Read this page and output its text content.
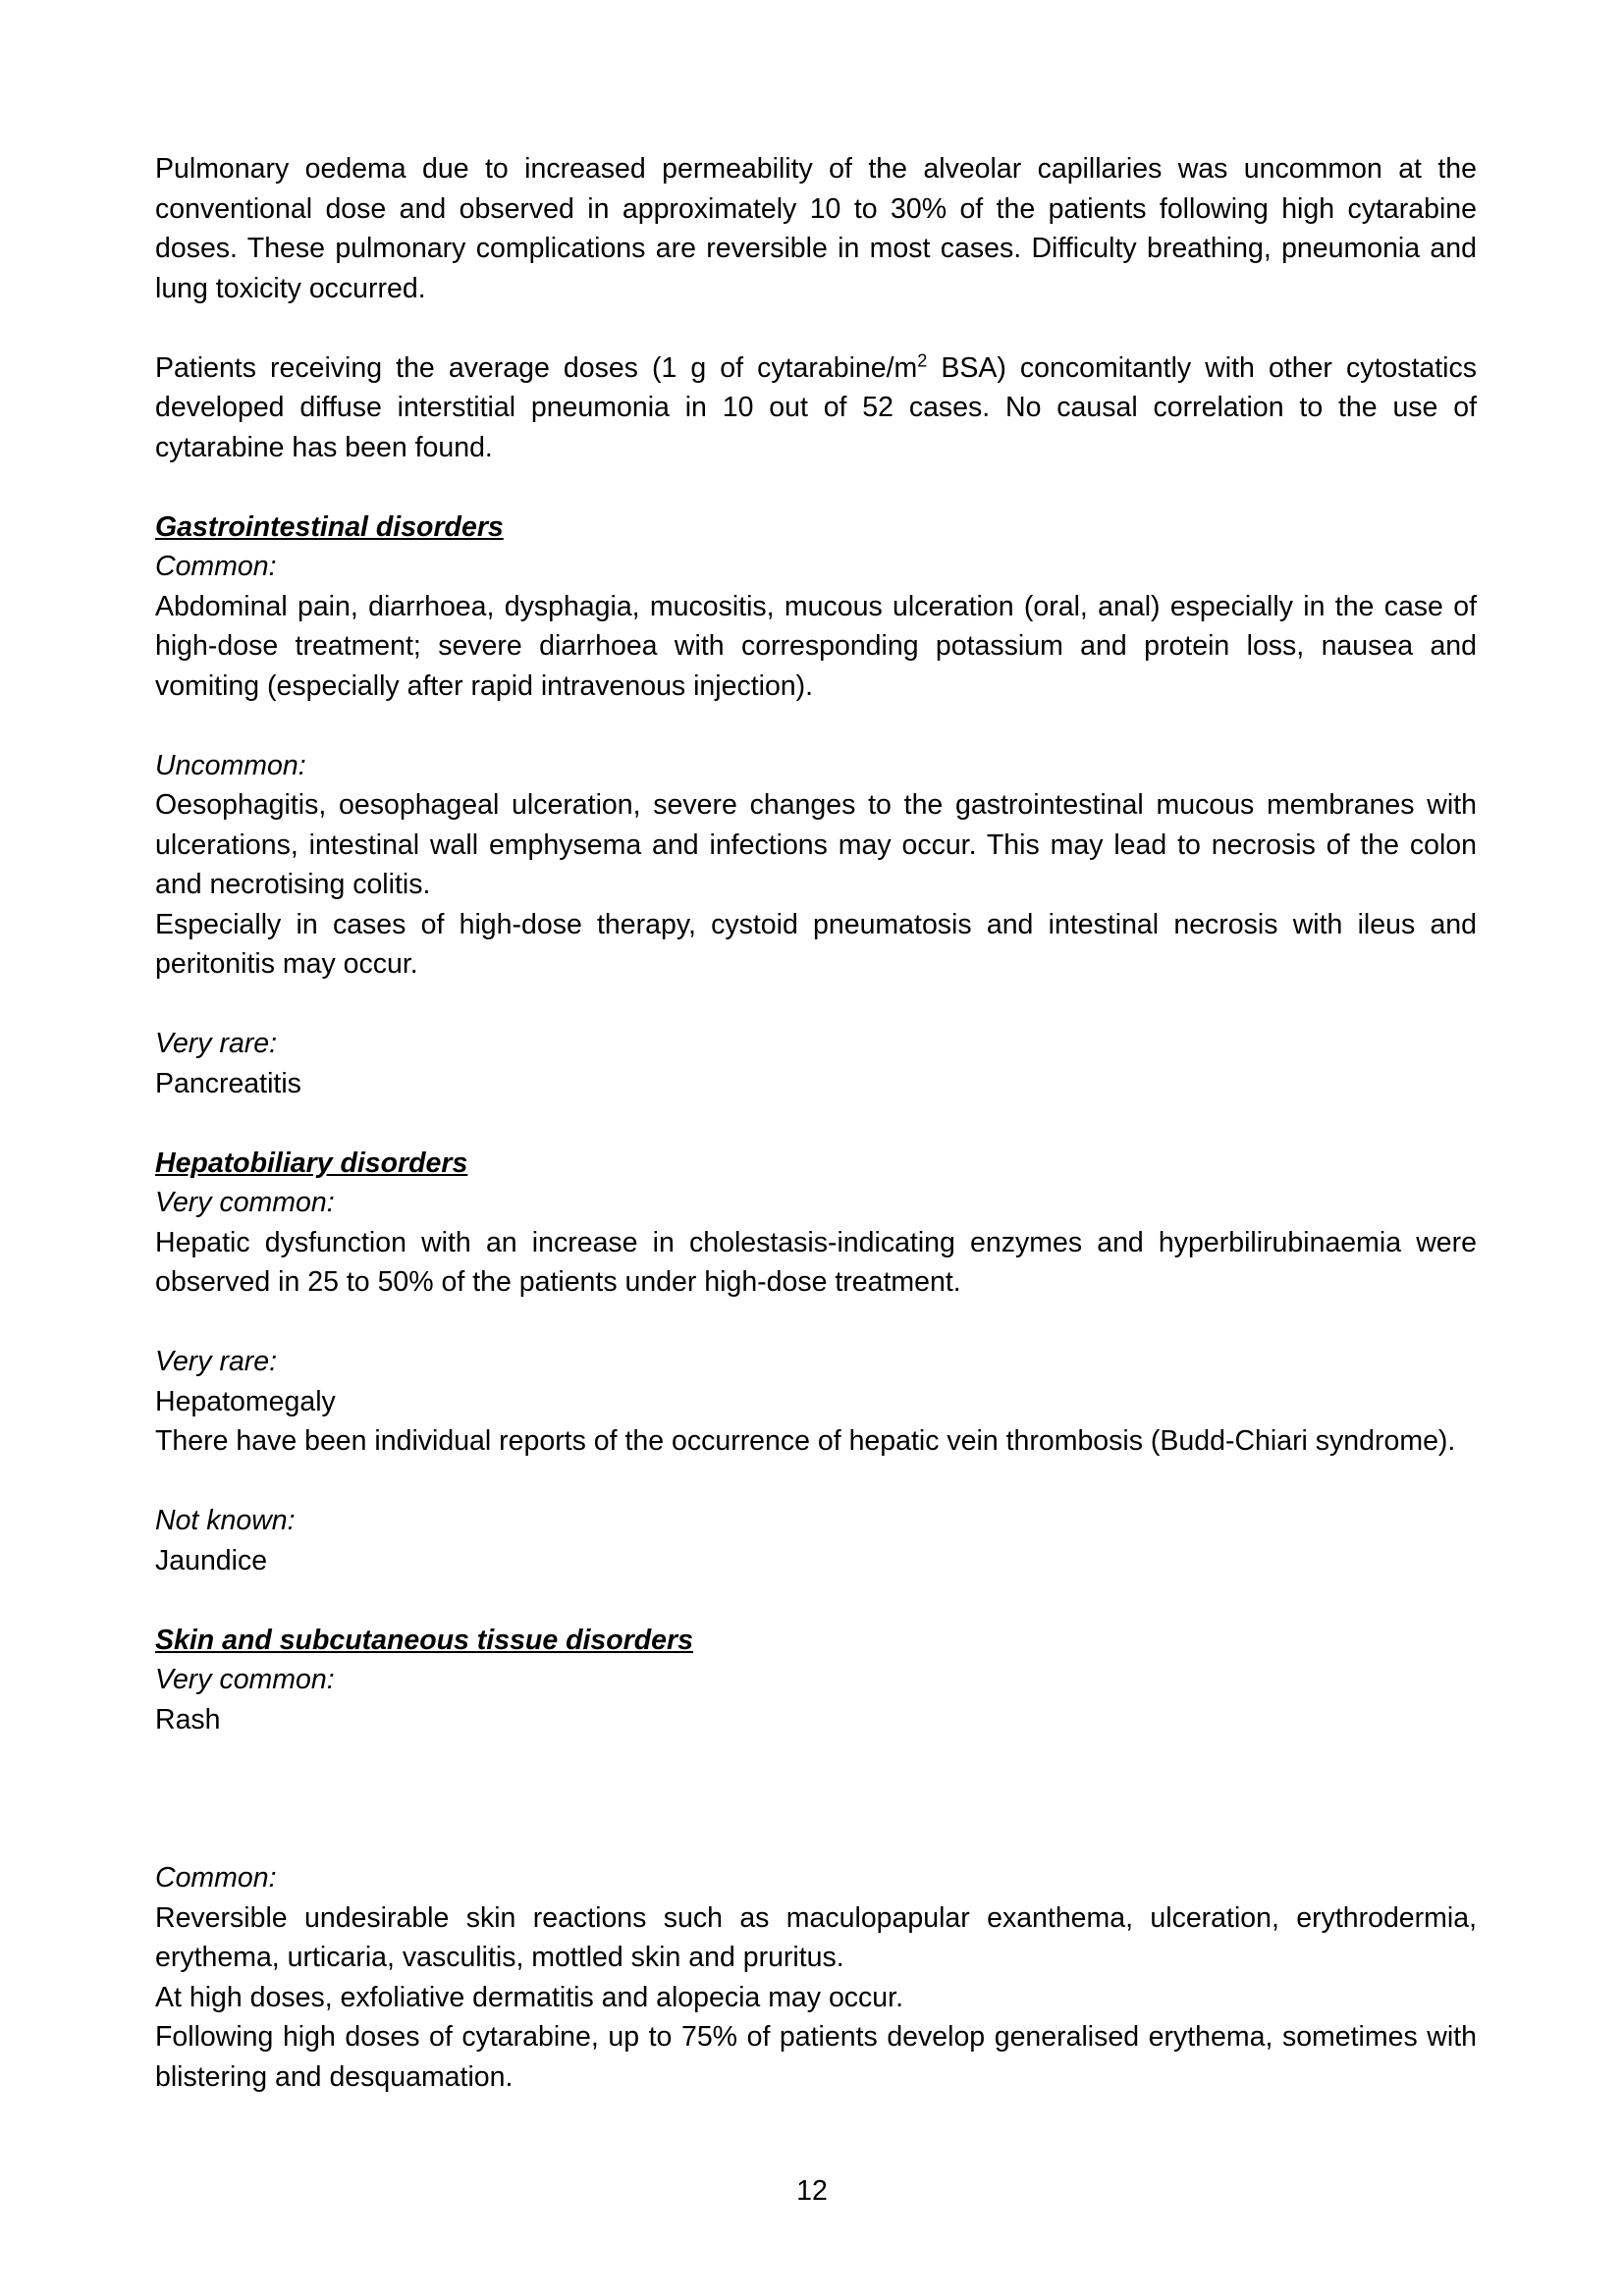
Pulmonary oedema due to increased permeability of the alveolar capillaries was uncommon at the conventional dose and observed in approximately 10 to 30% of the patients following high cytarabine doses. These pulmonary complications are reversible in most cases. Difficulty breathing, pneumonia and lung toxicity occurred.

Patients receiving the average doses (1 g of cytarabine/$m^2$ BSA) concomitantly with other cytostatics developed diffuse interstitial pneumonia in 10 out of 52 cases. No causal correlation to the use of cytarabine has been found.

Gastrointestinal disorders

Common:

Abdominal pain, diarrhoea, dysphagia, mucositis, mucous ulceration (oral, anal) especially in the case of high-dose treatment; severe diarrhoea with corresponding potassium and protein loss, nausea and vomiting (especially after rapid intravenous injection).

Uncommon:

Oesophagitis, oesophageal ulceration, severe changes to the gastrointestinal mucous membranes with ulcerations, intestinal wall emphysema and infections may occur. This may lead to necrosis of the colon and necrotising colitis.

Especially in cases of high-dose therapy, cystoid pneumatosis and intestinal necrosis with ileus and peritonitis may occur.

Very rare:

Pancreatitis

Hepatobiliary disorders

Very common:

Hepatic dysfunction with an increase in cholestasis-indicating enzymes and hyperbilirubinaemia were observed in 25 to 50% of the patients under high-dose treatment.

Very rare:

Hepatomegaly

There have been individual reports of the occurrence of hepatic vein thrombosis (Budd-Chiari syndrome).

Not known:

Jaundice

Skin and subcutaneous tissue disorders

Very common:

Rash

Common:

Reversible undesirable skin reactions such as maculopapular exanthema, ulceration, erythrodermia, erythema, urticaria, vasculitis, mottled skin and pruritus.

At high doses, exfoliative dermatitis and alopecia may occur.

Following high doses of cytarabine, up to 75% of patients develop generalised erythema, sometimes with blistering and desquamation.

12
